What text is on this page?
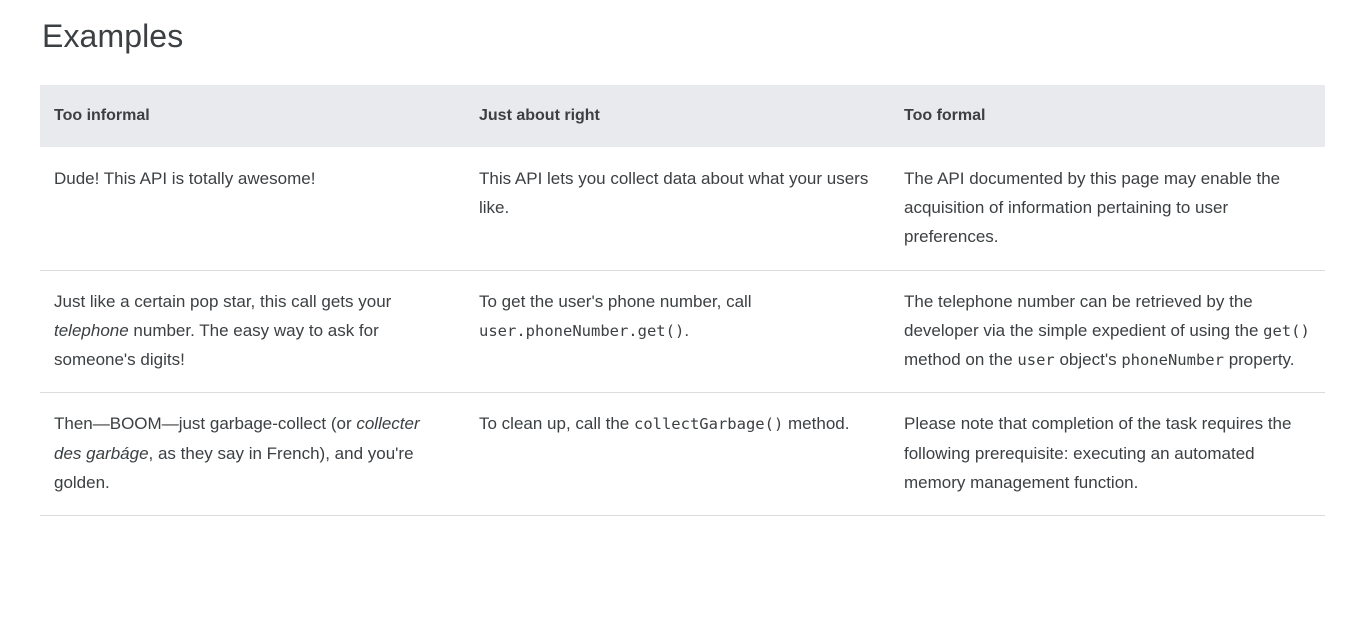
Examples
Too informal	Just about right	Too formal
Dude! This API is totally awesome!	This API lets you collect data about what your users like.	The API documented by this page may enable the acquisition of information pertaining to user preferences.
Just like a certain pop star, this call gets your telephone number. The easy way to ask for someone's digits!	To get the user's phone number, call user.phoneNumber.get().	The telephone number can be retrieved by the developer via the simple expedient of using the get() method on the user object's phoneNumber property.
Then—BOOM—just garbage-collect (or collecter des garbáge, as they say in French), and you're golden.	To clean up, call the collectGarbage() method.	Please note that completion of the task requires the following prerequisite: executing an automated memory management function.
